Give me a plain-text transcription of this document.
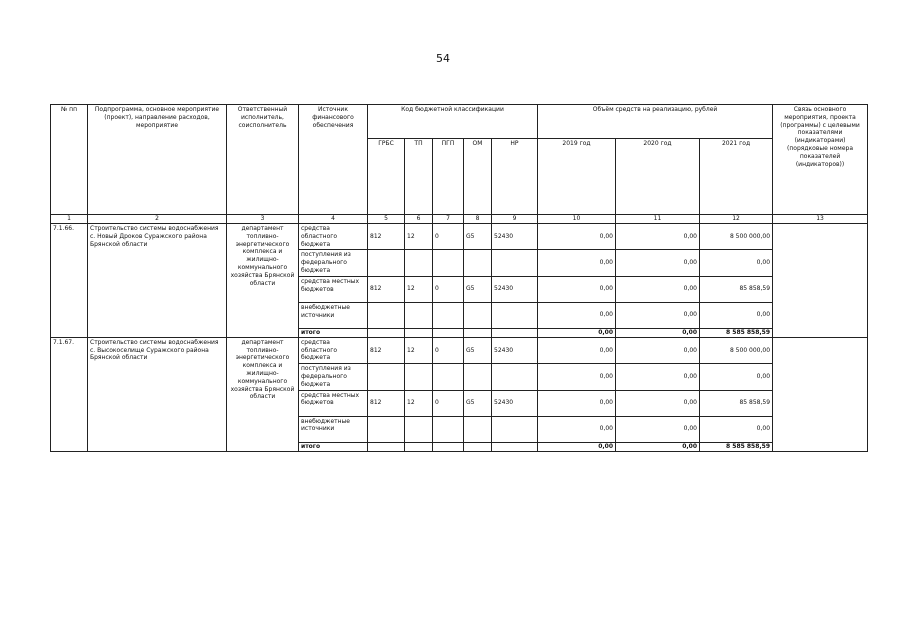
54
№ пп	Подпрограмма, основное мероприятие (проект), направление расходов, мероприятие	Ответственный исполнитель, соисполнитель	Источник финансового обеспечения	Код бюджетной классификации					Объём средств на реализацию, рублей			Связь основного мероприятия, проекта (программы) с целевыми показателями (индикаторами) (порядковые номера показателей (индикаторов))
				ГРБС	ТП	ПГП	ОМ	НР	2019 год	2020 год	2021 год	
1	2	3	4	5	6	7	8	9	10	11	12	13
7.1.66.	Строительство системы водоснабжения с. Новый Дроков Суражского района Брянской области	департамент топливно-энергетического комплекса и жилищно-коммунального хозяйства Брянской области	средства областного бюджета	812	12	0	G5	52430	0,00	0,00	8 500 000,00	
			поступления из федерального бюджета						0,00	0,00	0,00	
			средства местных бюджетов	812	12	0	G5	52430	0,00	0,00	85 858,59	
			внебюджетные источники						0,00	0,00	0,00	
			итого						0,00	0,00	8 585 858,59	
7.1.67.	Строительство системы водоснабжения с. Высокоселище Суражского района Брянской области	департамент топливно-энергетического комплекса и жилищно-коммунального хозяйства Брянской области	средства областного бюджета	812	12	0	G5	52430	0,00	0,00	8 500 000,00	
			поступления из федерального бюджета						0,00	0,00	0,00	
			средства местных бюджетов	812	12	0	G5	52430	0,00	0,00	85 858,59	
			внебюджетные источники						0,00	0,00	0,00	
			итого						0,00	0,00	8 585 858,59	
